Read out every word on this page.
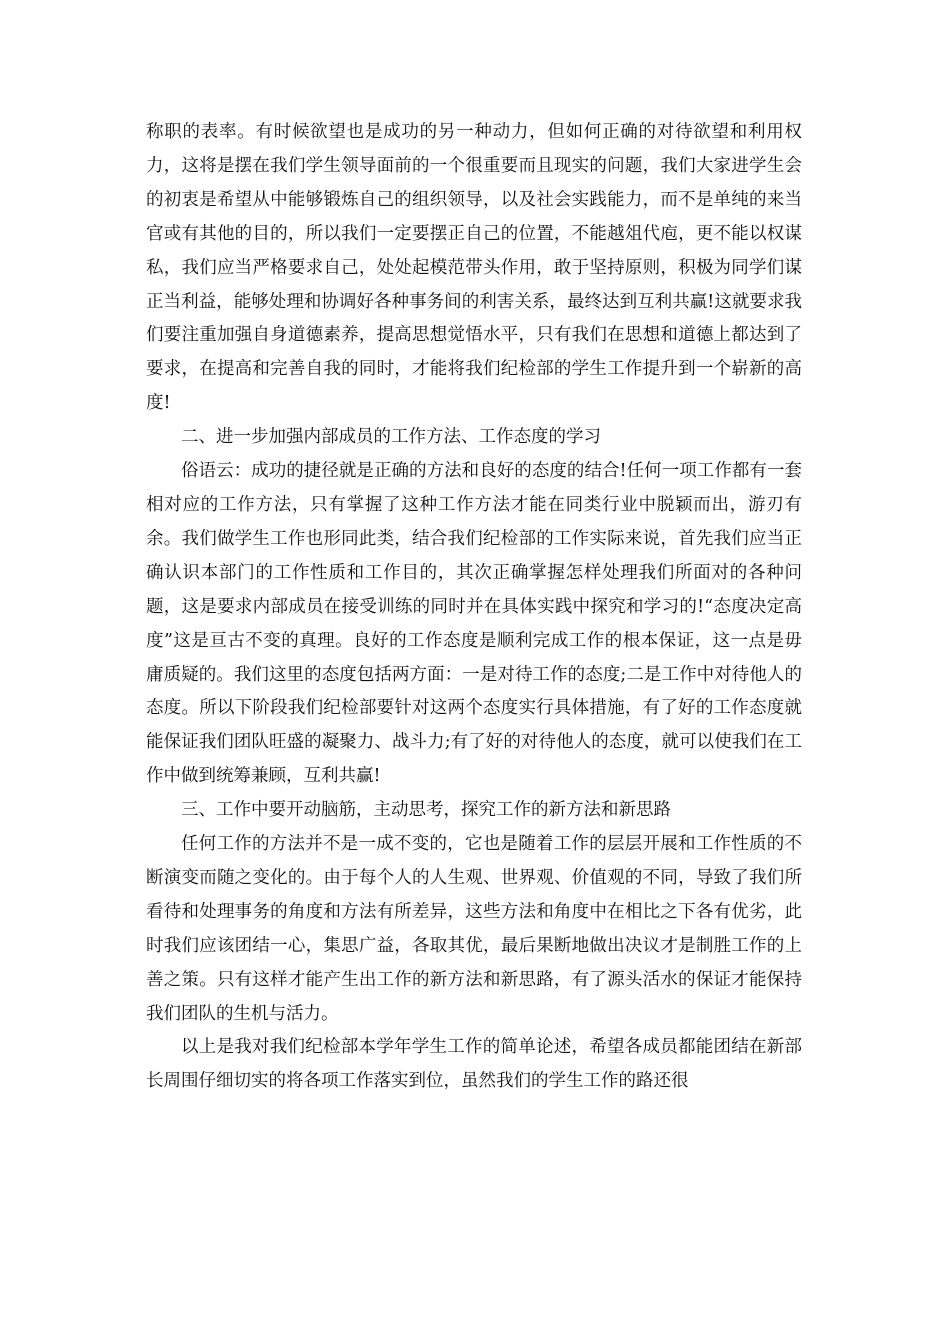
称职的表率。有时候欲望也是成功的另一种动力，但如何正确的对待欲望和利用权力，这将是摆在我们学生领导面前的一个很重要而且现实的问题，我们大家进学生会的初衷是希望从中能够锻炼自己的组织领导，以及社会实践能力，而不是单纯的来当官或有其他的目的，所以我们一定要摆正自己的位置，不能越俎代庖，更不能以权谋私，我们应当严格要求自己，处处起模范带头作用，敢于坚持原则，积极为同学们谋正当利益，能够处理和协调好各种事务间的利害关系，最终达到互利共赢!这就要求我们要注重加强自身道德素养，提高思想觉悟水平，只有我们在思想和道德上都达到了要求，在提高和完善自我的同时，才能将我们纪检部的学生工作提升到一个崭新的高度!

二、进一步加强内部成员的工作方法、工作态度的学习

俗语云：成功的捷径就是正确的方法和良好的态度的结合!任何一项工作都有一套相对应的工作方法，只有掌握了这种工作方法才能在同类行业中脱颖而出，游刃有余。我们做学生工作也形同此类，结合我们纪检部的工作实际来说，首先我们应当正确认识本部门的工作性质和工作目的，其次正确掌握怎样处理我们所面对的各种问题，这是要求内部成员在接受训练的同时并在具体实践中探究和学习的!“态度决定高度”这是亘古不变的真理。良好的工作态度是顺利完成工作的根本保证，这一点是毋庸质疑的。我们这里的态度包括两方面：一是对待工作的态度;二是工作中对待他人的态度。所以下阶段我们纪检部要针对这两个态度实行具体措施，有了好的工作态度就能保证我们团队旺盛的凝聚力、战斗力;有了好的对待他人的态度，就可以使我们在工作中做到统筹兼顾，互利共赢!

三、工作中要开动脑筋，主动思考，探究工作的新方法和新思路

任何工作的方法并不是一成不变的，它也是随着工作的层层开展和工作性质的不断演变而随之变化的。由于每个人的人生观、世界观、价值观的不同，导致了我们所看待和处理事务的角度和方法有所差异，这些方法和角度中在相比之下各有优劣，此时我们应该团结一心，集思广益，各取其优，最后果断地做出决议才是制胜工作的上善之策。只有这样才能产生出工作的新方法和新思路，有了源头活水的保证才能保持我们团队的生机与活力。

以上是我对我们纪检部本学年学生工作的简单论述，希望各成员都能团结在新部长周围仔细切实的将各项工作落实到位，虽然我们的学生工作的路还很
